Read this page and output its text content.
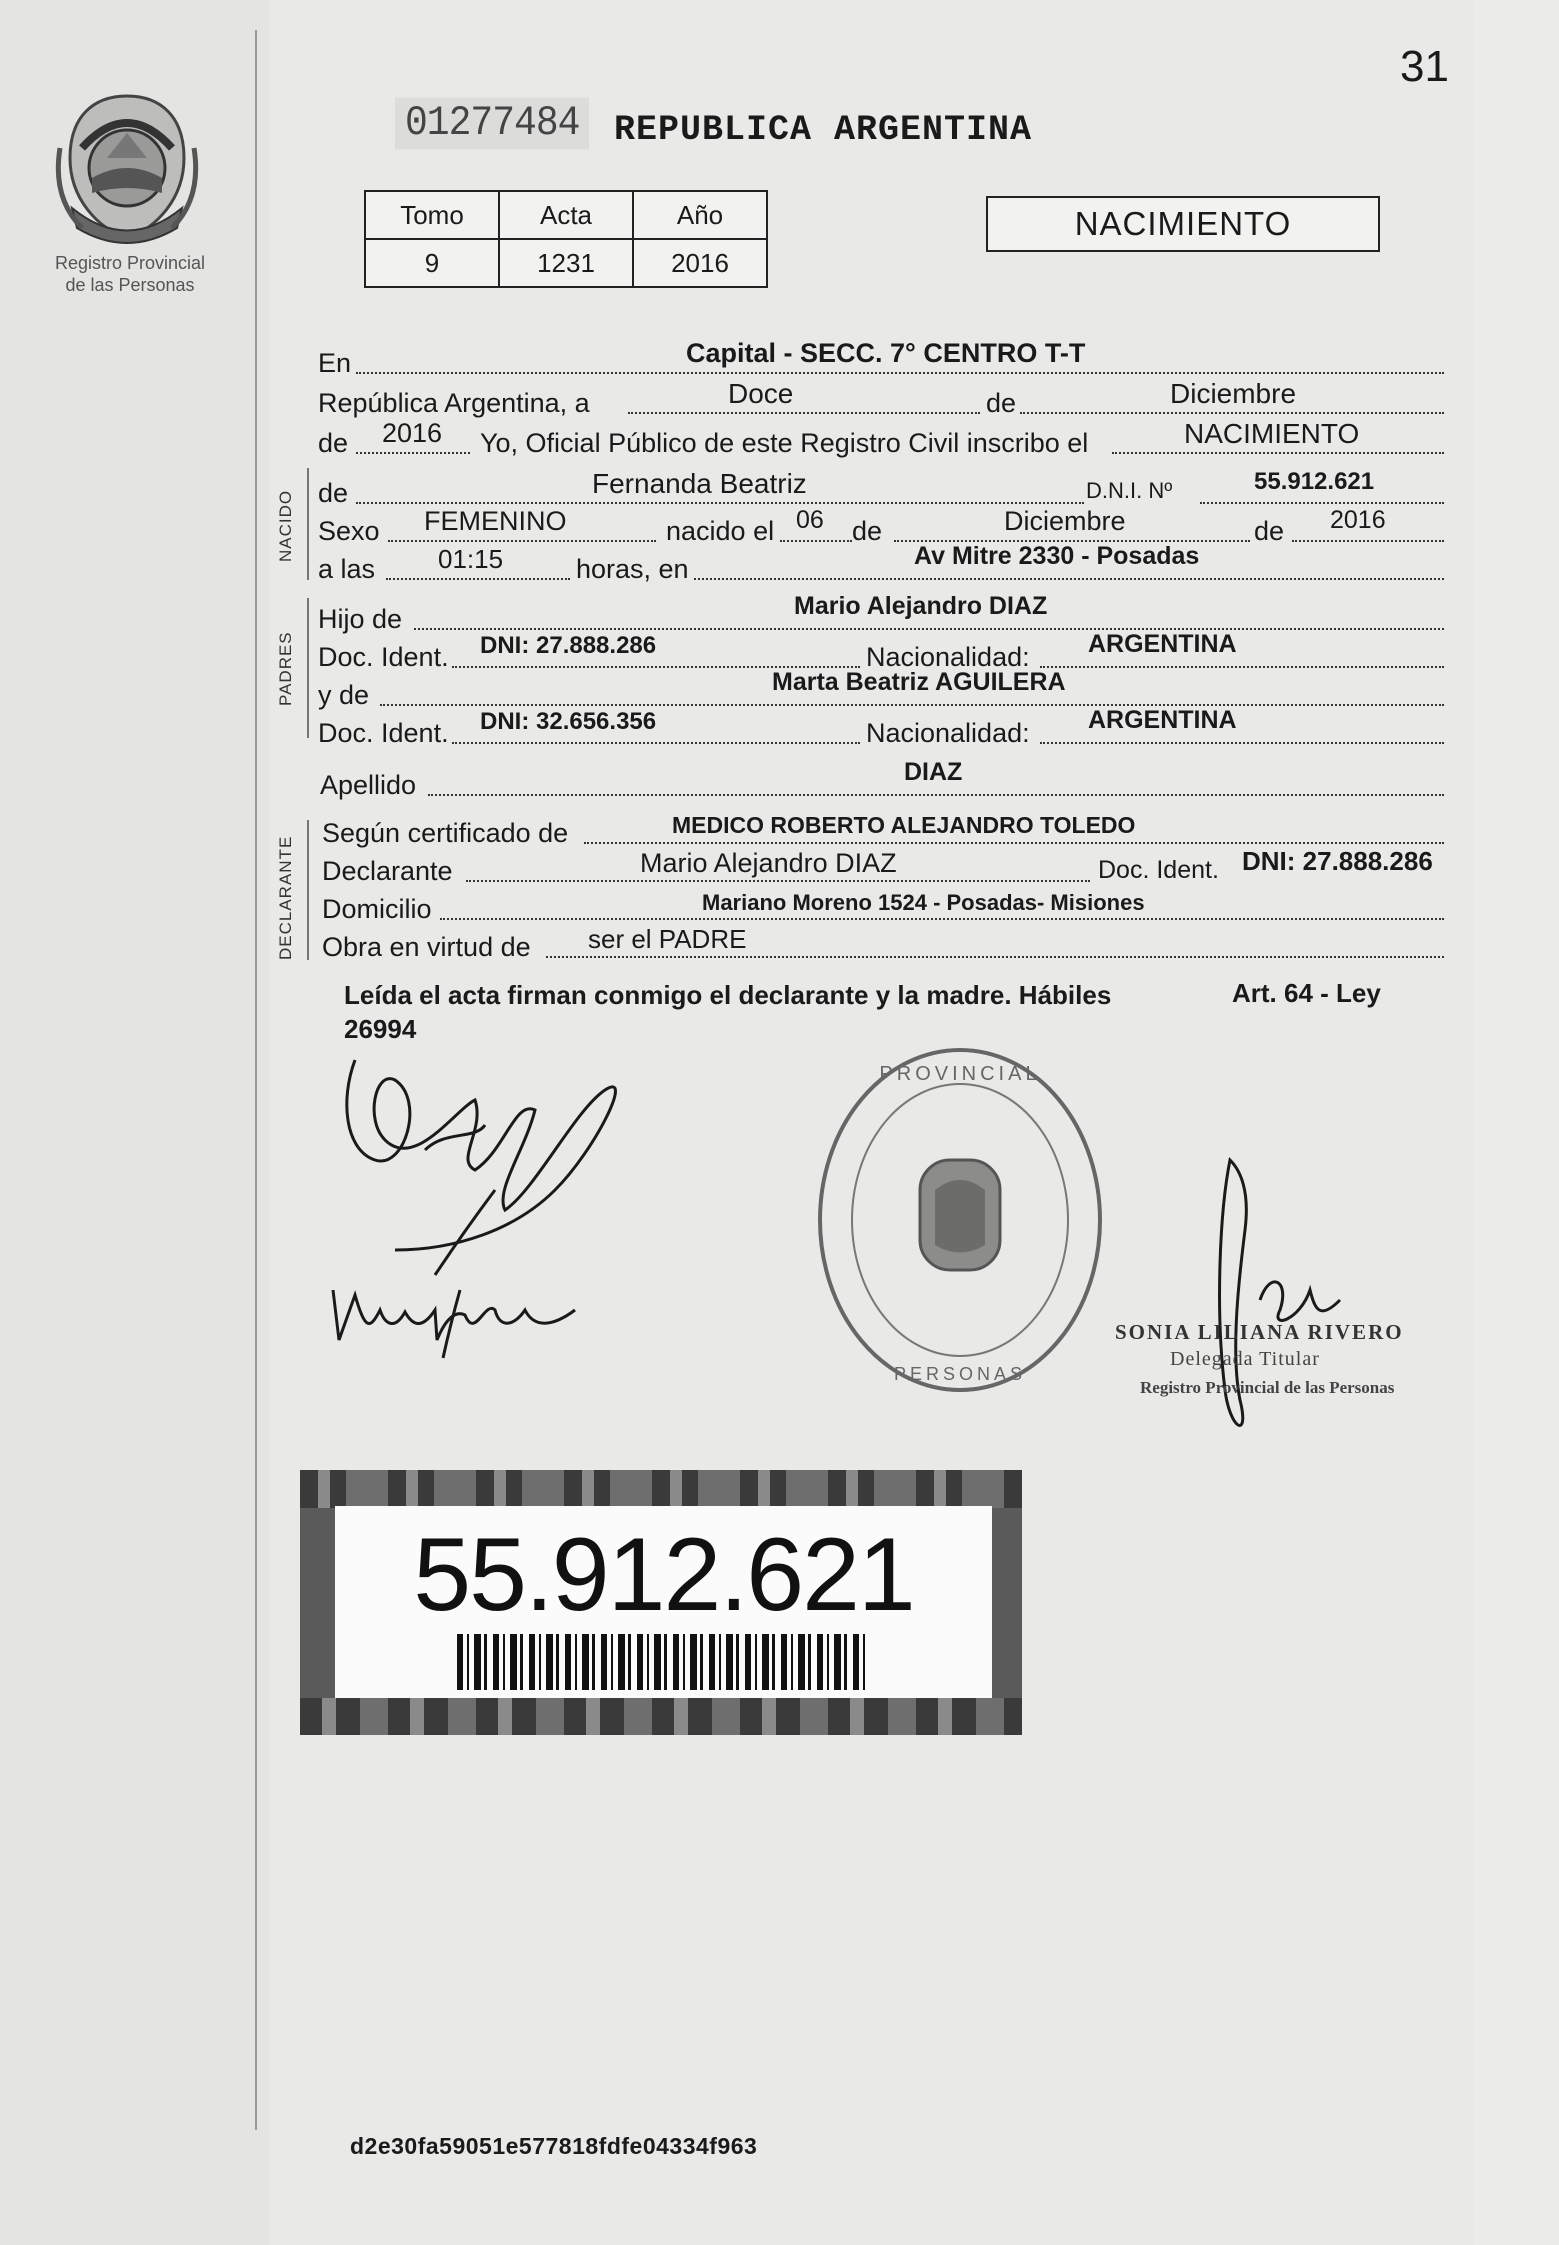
31
01277484 REPUBLICA ARGENTINA
Registro Provincial
de las Personas
Tomo	Acta	Año
9	1231	2016
NACIMIENTO
En	Capital - SECC. 7° CENTRO T-T
República Argentina, a	Doce	de	Diciembre
de 2016 Yo, Oficial Público de este Registro Civil inscribo el	NACIMIENTO
NACIDO de	Fernanda Beatriz	D.N.I. Nº	55.912.621
Sexo FEMENINO	nacido el 06 de	Diciembre	de 2016
a las 01:15	horas, en	Av Mitre 2330 - Posadas
PADRES
Hijo de	Mario Alejandro DIAZ
Doc. Ident. DNI: 27.888.286	Nacionalidad: ARGENTINA
y de	Marta Beatriz AGUILERA
Doc. Ident. DNI: 32.656.356	Nacionalidad: ARGENTINA
Apellido	DIAZ
DECLARANTE
Según certificado de	MEDICO ROBERTO ALEJANDRO TOLEDO
Declarante	Mario Alejandro DIAZ	Doc. Ident. DNI: 27.888.286
Domicilio	Mariano Moreno 1524 - Posadas- Misiones
Obra en virtud de ser el PADRE
Leída el acta firman conmigo el declarante y la madre. Hábiles
26994
Art. 64 - Ley
PROVINCIAL
PERSONAS
SONIA LILIANA RIVERO
Delegada Titular
Registro Provincial de las Personas
55.912.621
d2e30fa59051e577818fdfe04334f963
